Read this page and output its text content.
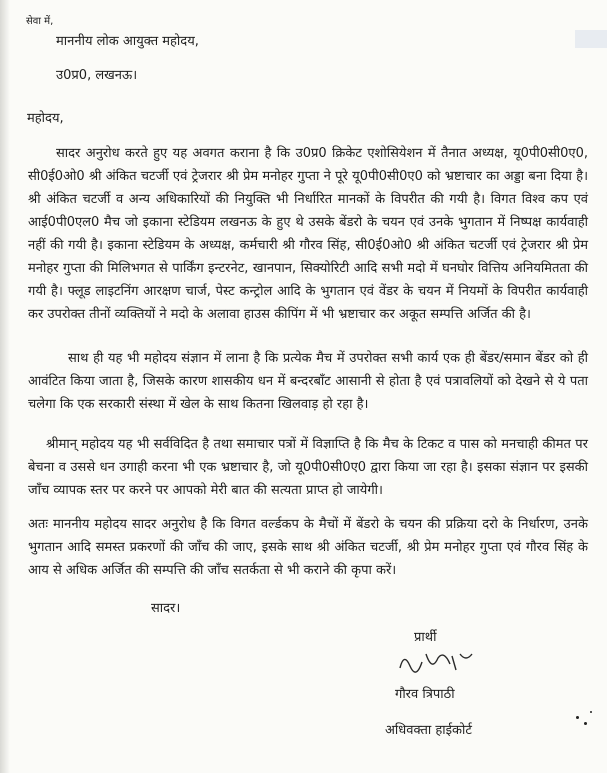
सेवा में,
माननीय लोक आयुक्त महोदय,
उ0प्र0, लखनऊ।
महोदय,
सादर अनुरोध करते हुए यह अवगत कराना है कि उ0प्र0 क्रिकेट एशोसियेशन में तैनात अध्यक्ष, यू0पी0सी0ए0, सी0ई0ओ0 श्री अंकित चटर्जी एवं ट्रेजरार श्री प्रेम मनोहर गुप्ता ने पूरे यू0पी0सी0ए0 को भ्रष्टाचार का अड्डा बना दिया है। श्री अंकित चटर्जी व अन्य अधिकारियों की नियुक्ति भी निर्धारित मानकों के विपरीत की गयी है। विगत विश्व कप एवं आई0पी0एल0 मैच जो इकाना स्टेडियम लखनऊ के हुए थे उसके बेंडरो के चयन एवं उनके भुगतान में निष्पक्ष कार्यवाही नहीं की गयी है। इकाना स्टेडियम के अध्यक्ष, कर्मचारी श्री गौरव सिंह, सी0ई0ओ0 श्री अंकित चटर्जी एवं ट्रेजरार श्री प्रेम मनोहर गुप्ता की मिलिभगत से पार्किंग इन्टरनेट, खानपान, सिक्योरिटी आदि सभी मदो में घनघोर वित्तिय अनियमितता की गयी है। फ्लूड लाइटनिंग आरक्षण चार्ज, पेस्ट कन्ट्रोल आदि के भुगतान एवं वेंडर के चयन में नियमों के विपरीत कार्यवाही कर उपरोक्त तीनों व्यक्तियों ने मदो के अलावा हाउस कीपिंग में भी भ्रष्टाचार कर अकूत सम्पत्ति अर्जित की है।
साथ ही यह भी महोदय संज्ञान में लाना है कि प्रत्येक मैच में उपरोक्त सभी कार्य एक ही बेंडर/समान बेंडर को ही आवंटित किया जाता है, जिसके कारण शासकीय धन में बन्दरबाँट आसानी से होता है एवं पत्रावलियों को देखने से ये पता चलेगा कि एक सरकारी संस्था में खेल के साथ कितना खिलवाड़ हो रहा है।
श्रीमान् महोदय यह भी सर्वविदित है तथा समाचार पत्रों में विज्ञाप्ति है कि मैच के टिकट व पास को मनचाही कीमत पर बेचना व उससे धन उगाही करना भी एक भ्रष्टाचार है, जो यू0पी0सी0ए0 द्वारा किया जा रहा है। इसका संज्ञान पर इसकी जाँच व्यापक स्तर पर करने पर आपको मेरी बात की सत्यता प्राप्त हो जायेगी।
अतः माननीय महोदय सादर अनुरोध है कि विगत वर्ल्डकप के मैचों में बेंडरो के चयन की प्रक्रिया दरो के निर्धारण, उनके भुगतान आदि समस्त प्रकरणों की जाँच की जाए, इसके साथ श्री अंकित चटर्जी, श्री प्रेम मनोहर गुप्ता एवं गौरव सिंह के आय से अधिक अर्जित की सम्पत्ति की जाँच सतर्कता से भी कराने की कृपा करें।
सादर।
प्रार्थी
गौरव त्रिपाठी
अधिवक्ता हाईकोर्ट
